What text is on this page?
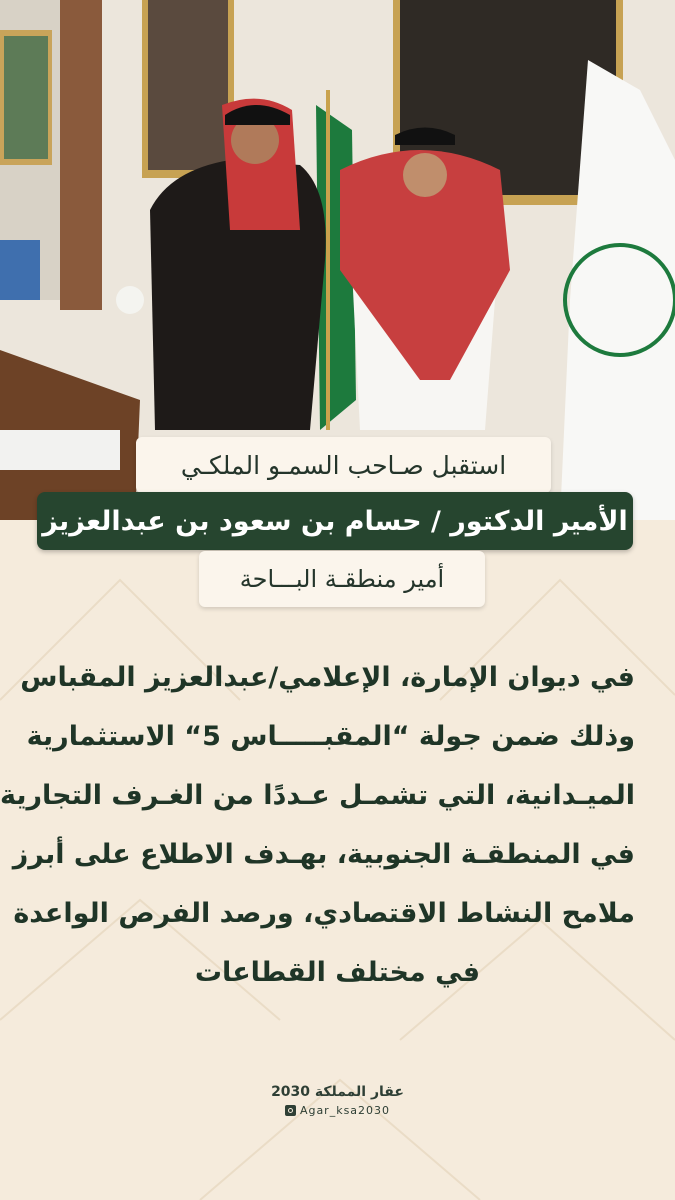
استقبل صـاحب السمـو الملكـي
الأمير الدكتور / حسام بن سعود بن عبدالعزيز
أمير منطقـة البـــاحة
في ديوان الإمارة، الإعلامي/عبدالعزيز المقباس
وذلك ضمن جولة “المقبـــــاس 5“ الاستثمارية
الميـدانية، التي تشمـل عـددًا من الغـرف التجارية
في المنطقـة الجنوبية، بهـدف الاطلاع على أبرز
ملامح النشاط الاقتصادي، ورصد الفرص الواعدة
في مختلف القطاعات
عقار المملكة 2030
Agar_ksa2030
